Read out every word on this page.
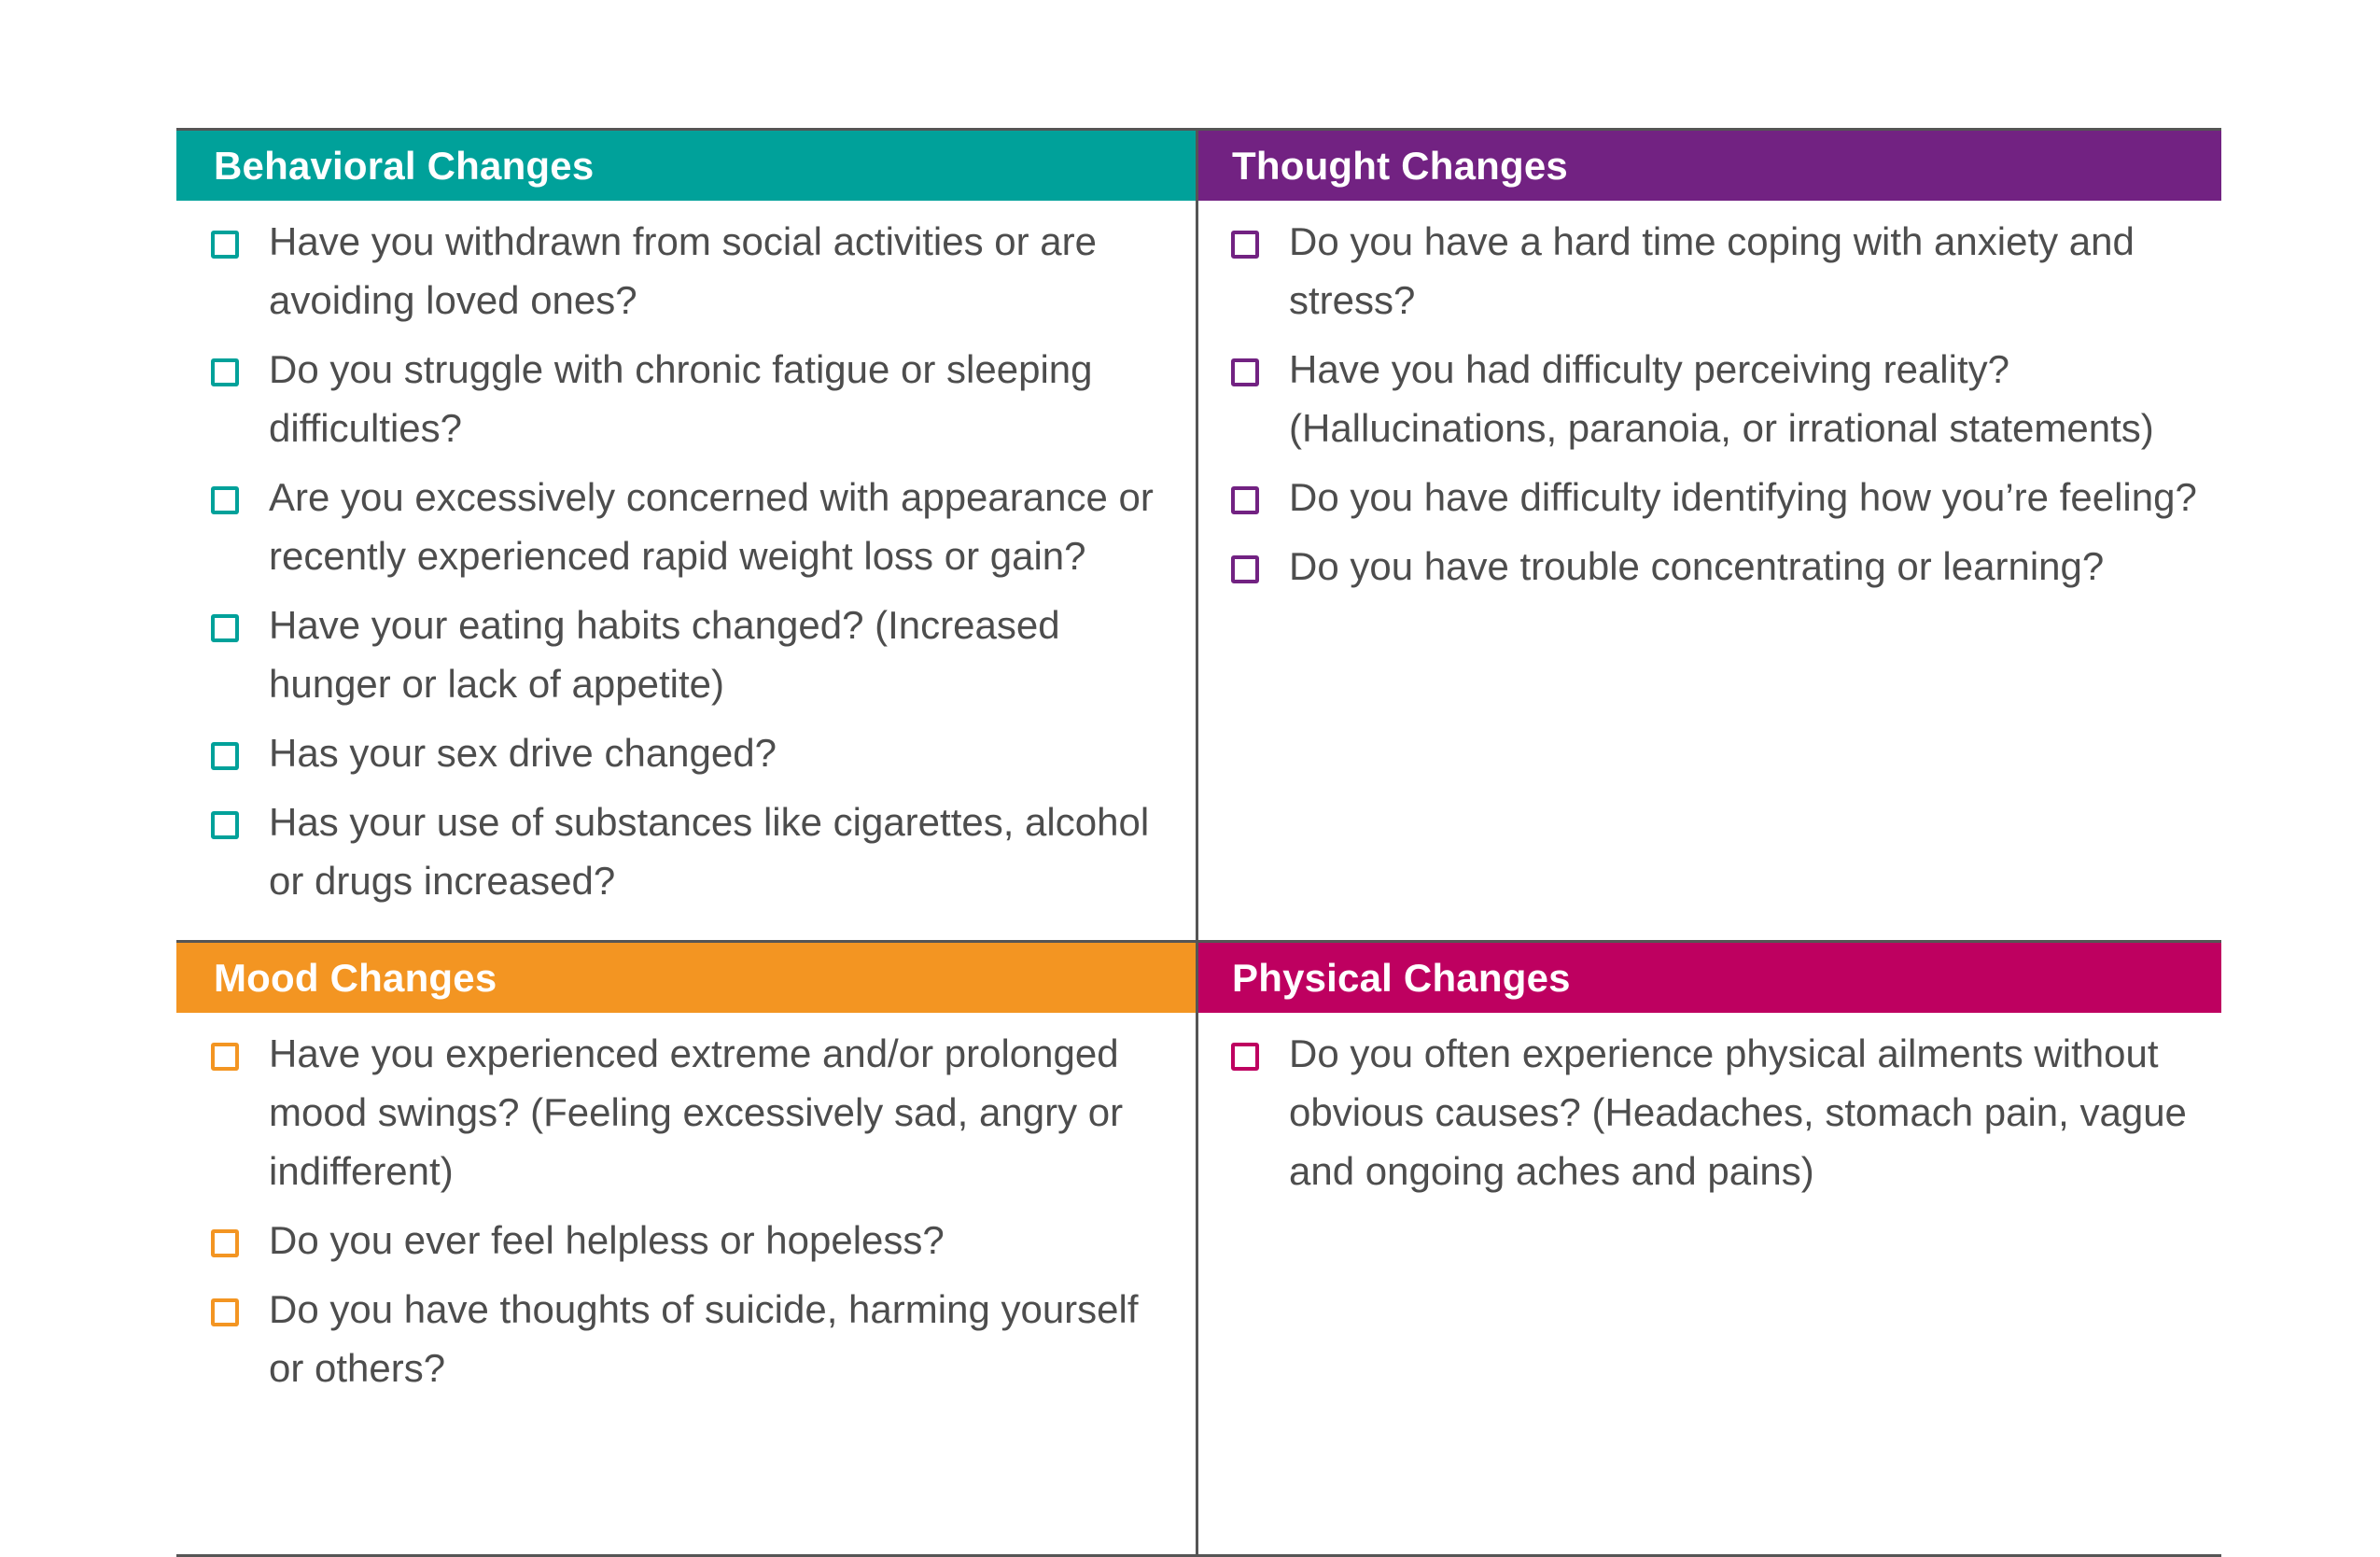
Behavioral Changes
Have you withdrawn from social activities or are avoiding loved ones?
Do you struggle with chronic fatigue or sleeping difficulties?
Are you excessively concerned with appearance or recently experienced rapid weight loss or gain?
Have your eating habits changed? (Increased hunger or lack of appetite)
Has your sex drive changed?
Has your use of substances like cigarettes, alcohol or drugs increased?
Thought Changes
Do you have a hard time coping with anxiety and stress?
Have you had difficulty perceiving reality? (Hallucinations, paranoia, or irrational statements)
Do you have difficulty identifying how you’re feeling?
Do you have trouble concentrating or learning?
Mood Changes
Have you experienced extreme and/or prolonged mood swings? (Feeling excessively sad, angry or indifferent)
Do you ever feel helpless or hopeless?
Do you have thoughts of suicide, harming yourself or others?
Physical Changes
Do you often experience physical ailments without obvious causes? (Headaches, stomach pain, vague and ongoing aches and pains)
